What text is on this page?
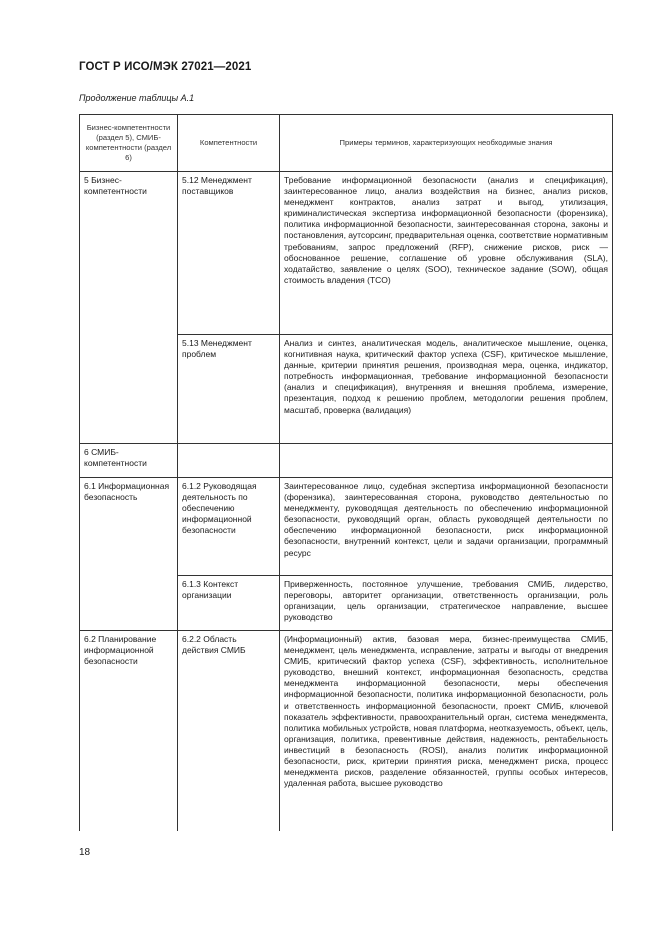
ГОСТ Р ИСО/МЭК 27021—2021
Продолжение таблицы А.1
Бизнес-компетентности (раздел 5), СМИБ-компетентности (раздел 6)	Компетентности	Примеры терминов, характеризующих необходимые знания
5 Бизнес-компетентности	5.12 Менеджмент поставщиков	Требование информационной безопасности (анализ и спецификация), заинтересованное лицо, анализ воздействия на бизнес, анализ рисков, менеджмент контрактов, анализ затрат и выгод, утилизация, криминалистическая экспертиза информационной безопасности (форензика), политика информационной безопасности, заинтересованная сторона, законы и постановления, аутсорсинг, предварительная оценка, соответствие нормативным требованиям, запрос предложений (RFP), снижение рисков, риск — обоснованное решение, соглашение об уровне обслуживания (SLA), ходатайство, заявление о целях (SOO), техническое задание (SOW), общая стоимость владения (TCO)
	5.13 Менеджмент проблем	Анализ и синтез, аналитическая модель, аналитическое мышление, оценка, когнитивная наука, критический фактор успеха (CSF), критическое мышление, данные, критерии принятия решения, производная мера, оценка, индикатор, потребность информационная, требование информационной безопасности (анализ и спецификация), внутренняя и внешняя проблема, измерение, презентация, подход к решению проблем, методологии решения проблем, масштаб, проверка (валидация)
6 СМИБ-компетентности		
6.1 Информационная безопасность	6.1.2 Руководящая деятельность по обеспечению информационной безопасности	Заинтересованное лицо, судебная экспертиза информационной безопасности (форензика), заинтересованная сторона, руководство деятельностью по менеджменту, руководящая деятельность по обеспечению информационной безопасности, руководящий орган, область руководящей деятельности по обеспечению информационной безопасности, риск информационной безопасности, внутренний контекст, цели и задачи организации, программный ресурс
	6.1.3 Контекст организации	Приверженность, постоянное улучшение, требования СМИБ, лидерство, переговоры, авторитет организации, ответственность организации, роль организации, цель организации, стратегическое направление, высшее руководство
6.2 Планирование информационной безопасности	6.2.2 Область действия СМИБ	(Информационный) актив, базовая мера, бизнес-преимущества СМИБ, менеджмент, цель менеджмента, исправление, затраты и выгоды от внедрения СМИБ, критический фактор успеха (CSF), эффективность, исполнительное руководство, внешний контекст, информационная безопасность, средства менеджмента информационной безопасности, меры обеспечения информационной безопасности, политика информационной безопасности, роль и ответственность информационной безопасности, проект СМИБ, ключевой показатель эффективности, правоохранительный орган, система менеджмента, политика мобильных устройств, новая платформа, неотказуемость, объект, цель, организация, политика, превентивные действия, надежность, рентабельность инвестиций в безопасность (ROSI), анализ политик информационной безопасности, риск, критерии принятия риска, менеджмент риска, процесс менеджмента рисков, разделение обязанностей, группы особых интересов, удаленная работа, высшее руководство
18
